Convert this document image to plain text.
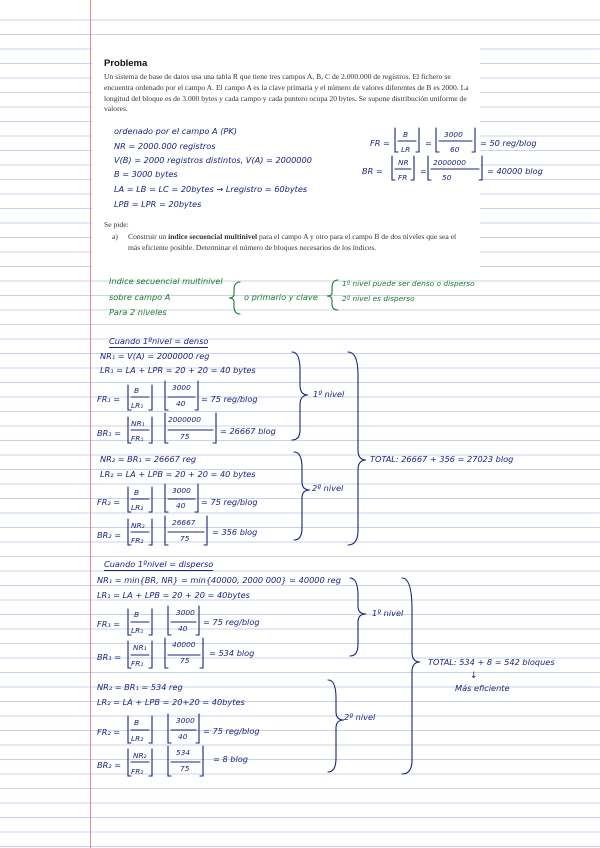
Problema
Un sistema de base de datos usa una tabla R que tiene tres campos A, B, C de 2.000.000 de registros. El fichero se encuentra ordenado por el campo A. El campo A es la clave primaria y el número de valores diferentes de B es 2000. La longitud del bloque es de 3.000 bytes y cada campo y cada puntero ocupa 20 bytes. Se supone distribución uniforme de valores.
Se pide:
a) Construir un índice secuencial multinivel para el campo A y otro para el campo B de dos niveles que sea el más eficiente posible. Determinar el número de bloques necesarios de los índices.
ordenado por el campo A (PK)
NR = 2000.000 registros
V(B) = 2000 registros distintos, V(A) = 2000000
B = 3000 bytes
LA = LB = LC = 20bytes → Lregistro = 60bytes
LPB = LPR = 20bytes
FR =
B
LR
=
3000
60
= 50 reg/blog
BR =
NR
FR
=
2000000
50
= 40000 blog
Indice secuencial multinivel
sobre campo A
Para 2 niveles
o primario y clave
1º nivel puede ser denso o disperso
2º nivel es disperso
Cuando 1ºnivel = denso
NR₁ = V(A) = 2000000 reg
LR₁ = LA + LPR = 20 + 20 = 40 bytes
FR₁ =
B
LR₁
3000
40 = 75 reg/blog
BR₁ =
NR₁
FR₁
2000000
75
= 26667 blog
1º nivel
NR₂ = BR₁ = 26667 reg
LR₂ = LA + LPB = 20 + 20 = 40 bytes
FR₂ =
B
LR₂
3000
40 = 75 reg/blog
BR₂ =
NR₂
FR₂
26667
75
= 356 blog
2º nivel
TOTAL: 26667 + 356 = 27023 blog
Cuando 1ºnivel = disperso
NR₁ = min{BR, NR} = min{40000, 2000 000} = 40000 reg
LR₁ = LA + LPB = 20 + 20 = 40bytes
FR₁ =
B
LR₁
3000
40
= 75 reg/blog
BR₁ =
NR₁
FR₁
40000
75
= 534 blog
1º nivel
NR₂ = BR₁ = 534 reg
LR₂ = LA + LPB = 20+20 = 40bytes
FR₂ =
B
LR₂
3000
40
= 75 reg/blog
BR₂ =
NR₂
FR₂
534
75
= 8 blog
2º nivel
TOTAL: 534 + 8 = 542 bloques
↓
Más eficiente
